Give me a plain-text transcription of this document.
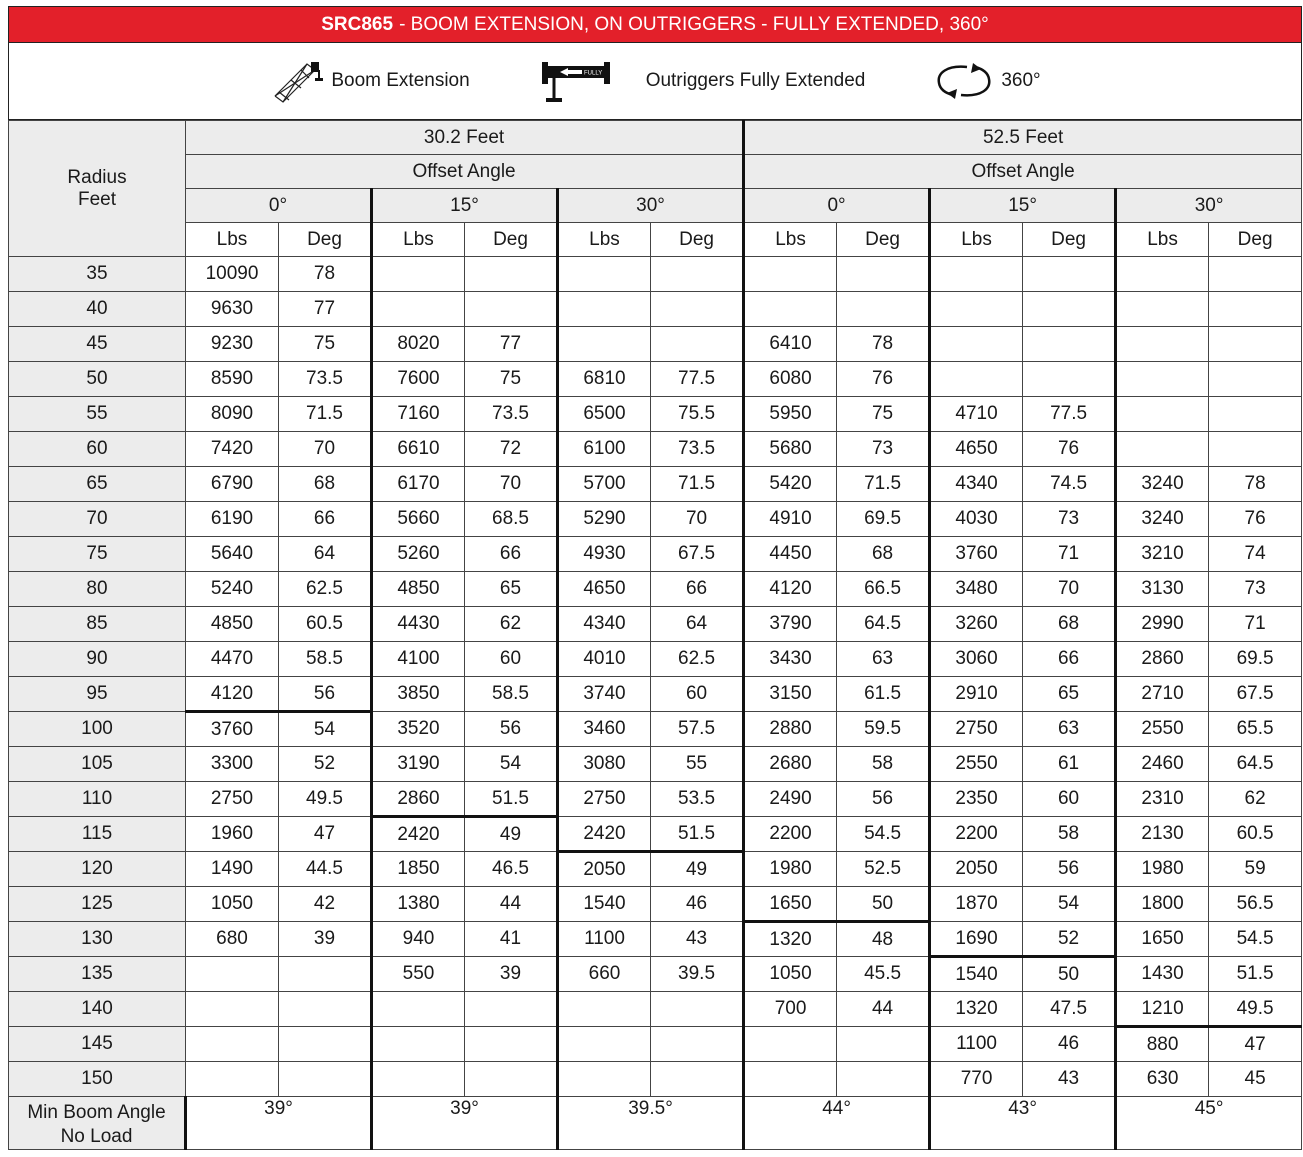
SRC865 - BOOM EXTENSION, ON OUTRIGGERS - FULLY EXTENDED, 360°
Boom Extension	FULLY Outriggers Fully Extended	360°
Radius
Feet	30.2 Feet						52.5 Feet					
	Offset Angle						Offset Angle					
	0°		15°		30°		0°		15°		30°	
	Lbs	Deg	Lbs	Deg	Lbs	Deg	Lbs	Deg	Lbs	Deg	Lbs	Deg
35	10090	78										
40	9630	77										
45	9230	75	8020	77			6410	78				
50	8590	73.5	7600	75	6810	77.5	6080	76				
55	8090	71.5	7160	73.5	6500	75.5	5950	75	4710	77.5		
60	7420	70	6610	72	6100	73.5	5680	73	4650	76		
65	6790	68	6170	70	5700	71.5	5420	71.5	4340	74.5	3240	78
70	6190	66	5660	68.5	5290	70	4910	69.5	4030	73	3240	76
75	5640	64	5260	66	4930	67.5	4450	68	3760	71	3210	74
80	5240	62.5	4850	65	4650	66	4120	66.5	3480	70	3130	73
85	4850	60.5	4430	62	4340	64	3790	64.5	3260	68	2990	71
90	4470	58.5	4100	60	4010	62.5	3430	63	3060	66	2860	69.5
95	4120	56	3850	58.5	3740	60	3150	61.5	2910	65	2710	67.5
100	3760	54	3520	56	3460	57.5	2880	59.5	2750	63	2550	65.5
105	3300	52	3190	54	3080	55	2680	58	2550	61	2460	64.5
110	2750	49.5	2860	51.5	2750	53.5	2490	56	2350	60	2310	62
115	1960	47	2420	49	2420	51.5	2200	54.5	2200	58	2130	60.5
120	1490	44.5	1850	46.5	2050	49	1980	52.5	2050	56	1980	59
125	1050	42	1380	44	1540	46	1650	50	1870	54	1800	56.5
130	680	39	940	41	1100	43	1320	48	1690	52	1650	54.5
135			550	39	660	39.5	1050	45.5	1540	50	1430	51.5
140							700	44	1320	47.5	1210	49.5
145									1100	46	880	47
150									770	43	630	45
Min Boom Angle
No Load	39°		39°		39.5°		44°		43°		45°	
